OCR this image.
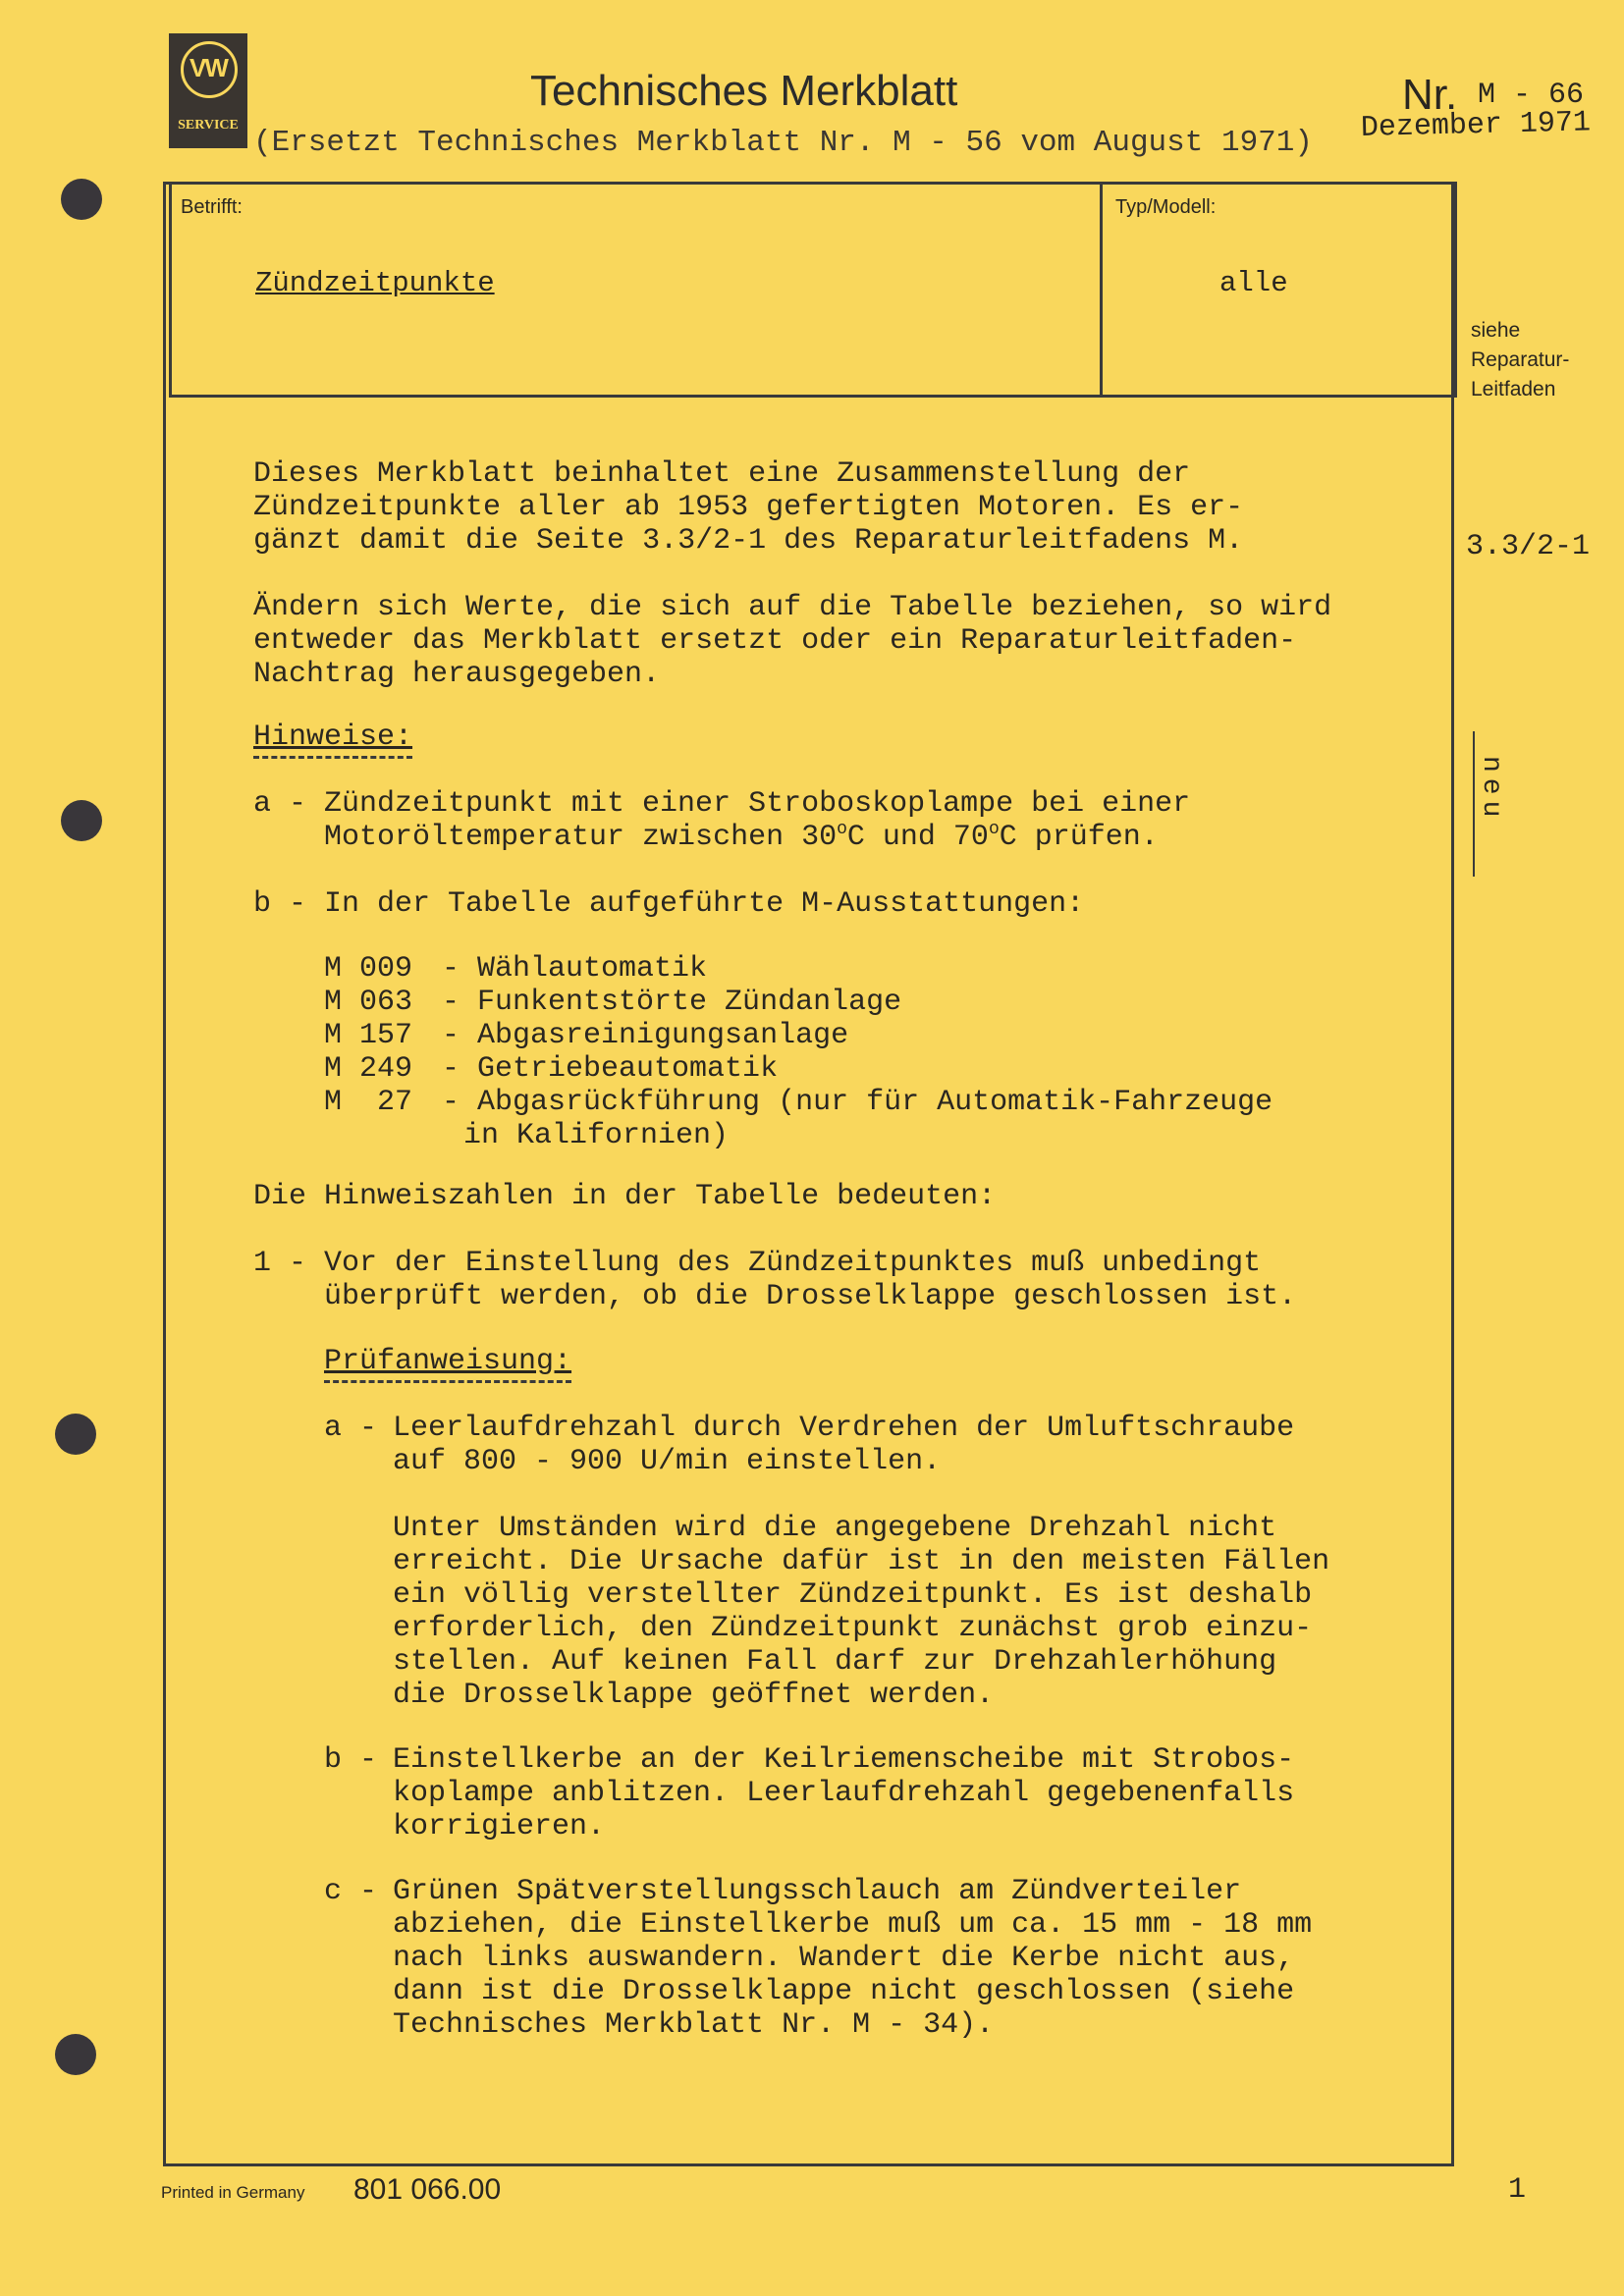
VW
SERVICE
Technisches Merkblatt
(Ersetzt Technisches Merkblatt Nr. M - 56 vom August 1971)
Nr. M - 66
Dezember 1971
Betrifft:	Typ/Modell:
Zündzeitpunkte	alle
siehe
Reparatur-
Leitfaden
3.3/2-1
neu

Dieses Merkblatt beinhaltet eine Zusammenstellung der
Zündzeitpunkte aller ab 1953 gefertigten Motoren. Es er-
gänzt damit die Seite 3.3/2-1 des Reparaturleitfadens M.
Ändern sich Werte, die sich auf die Tabelle beziehen, so wird
entweder das Merkblatt ersetzt oder ein Reparaturleitfaden-
Nachtrag herausgegeben.
Hinweise:
a - Zündzeitpunkt mit einer Stroboskoplampe bei einer
Motoröltemperatur zwischen 30$^o$C und 70$^o$C prüfen.
b - In der Tabelle aufgeführte M-Ausstattungen:
M 009 - Wählautomatik
M 063 - Funkentstörte Zündanlage
M 157 - Abgasreinigungsanlage
M 249 - Getriebeautomatik
M  27 - Abgasrückführung (nur für Automatik-Fahrzeuge
in Kalifornien)
Die Hinweiszahlen in der Tabelle bedeuten:
1 - Vor der Einstellung des Zündzeitpunktes muß unbedingt
überprüft werden, ob die Drosselklappe geschlossen ist.
Prüfanweisung:
a - Leerlaufdrehzahl durch Verdrehen der Umluftschraube
auf 800 - 900 U/min einstellen.
Unter Umständen wird die angegebene Drehzahl nicht
erreicht. Die Ursache dafür ist in den meisten Fällen
ein völlig verstellter Zündzeitpunkt. Es ist deshalb
erforderlich, den Zündzeitpunkt zunächst grob einzu-
stellen. Auf keinen Fall darf zur Drehzahlerhöhung
die Drosselklappe geöffnet werden.
b - Einstellkerbe an der Keilriemenscheibe mit Strobos-
koplampe anblitzen. Leerlaufdrehzahl gegebenenfalls
korrigieren.
c - Grünen Spätverstellungsschlauch am Zündverteiler
abziehen, die Einstellkerbe muß um ca. 15 mm - 18 mm
nach links auswandern. Wandert die Kerbe nicht aus,
dann ist die Drosselklappe nicht geschlossen (siehe
Technisches Merkblatt Nr. M - 34).
Printed in Germany 801 066.00	1
